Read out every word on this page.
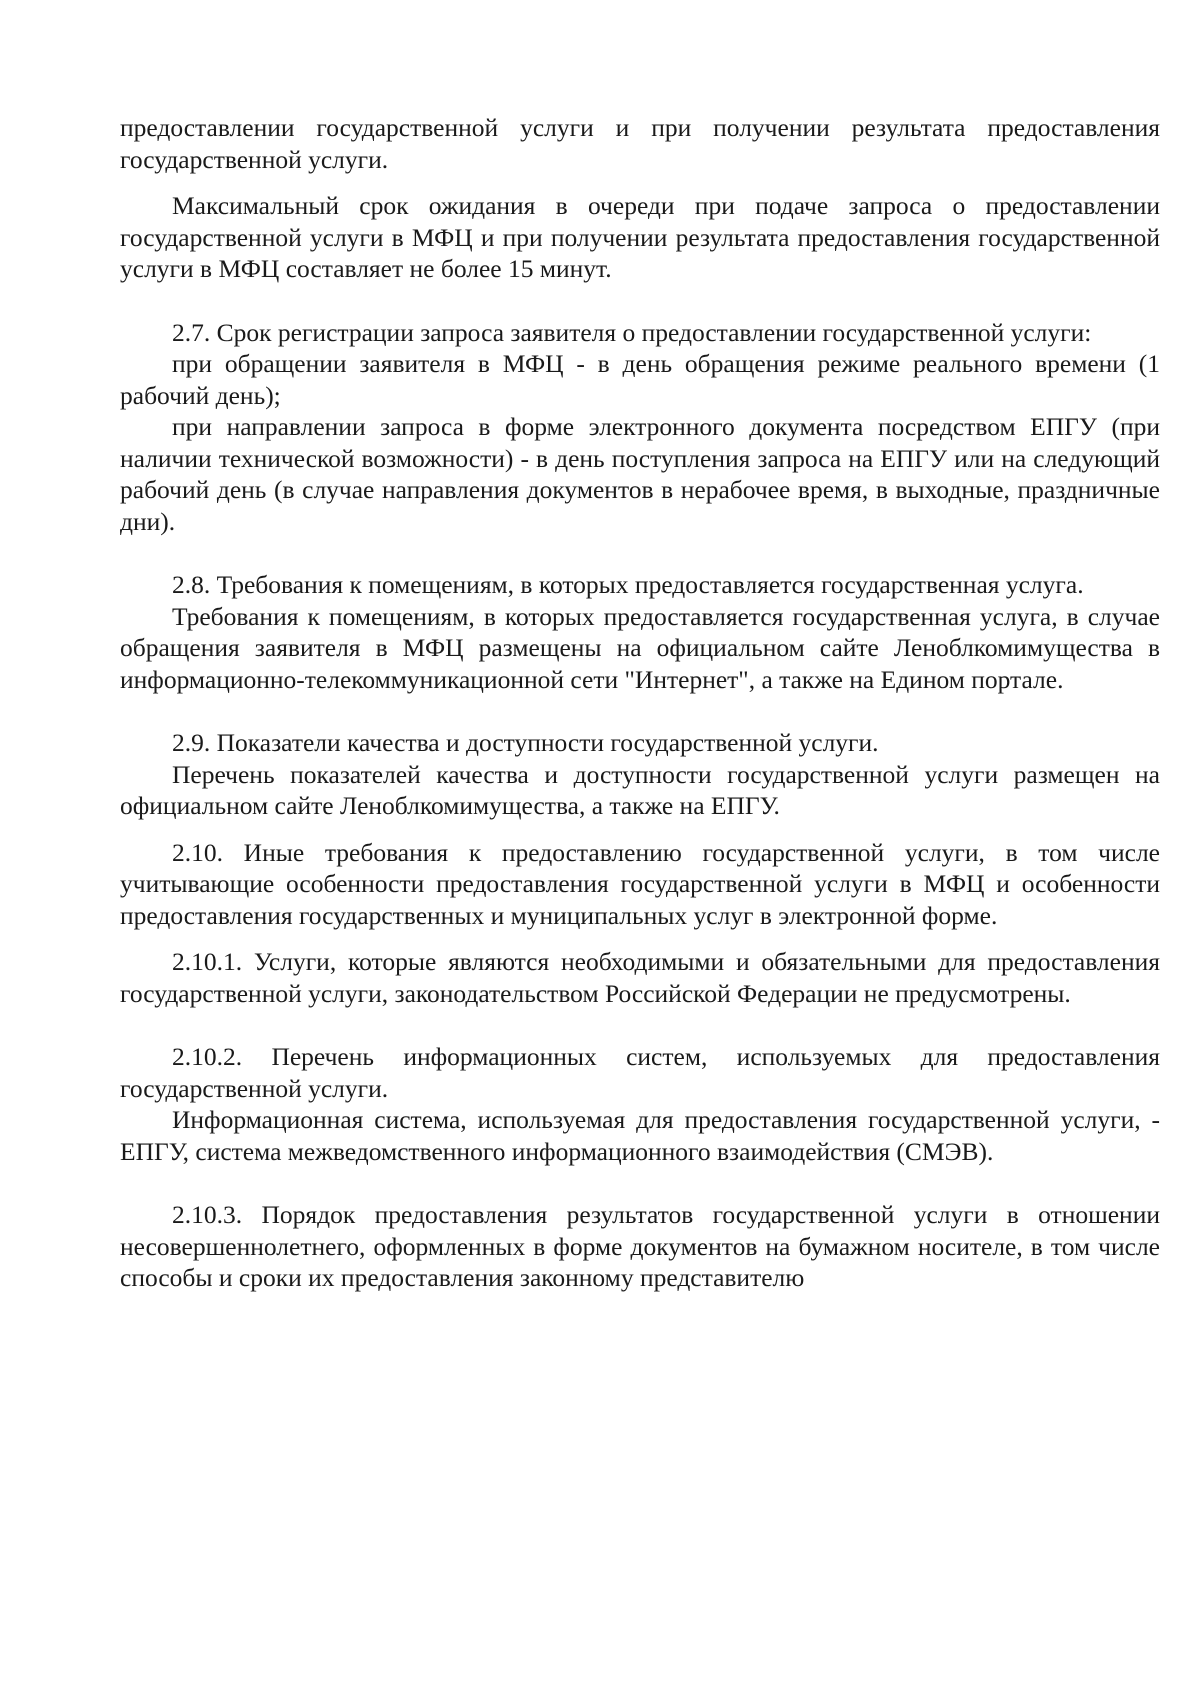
предоставлении государственной услуги и при получении результата предоставления государственной услуги.

Максимальный срок ожидания в очереди при подаче запроса о предоставлении государственной услуги в МФЦ и при получении результата предоставления государственной услуги в МФЦ составляет не более 15 минут.

2.7. Срок регистрации запроса заявителя о предоставлении государственной услуги:

при обращении заявителя в МФЦ - в день обращения режиме реального времени (1 рабочий день);

при направлении запроса в форме электронного документа посредством ЕПГУ (при наличии технической возможности) - в день поступления запроса на ЕПГУ или на следующий рабочий день (в случае направления документов в нерабочее время, в выходные, праздничные дни).

2.8. Требования к помещениям, в которых предоставляется государственная услуга.

Требования к помещениям, в которых предоставляется государственная услуга, в случае обращения заявителя в МФЦ размещены на официальном сайте Леноблкомимущества в информационно-телекоммуникационной сети "Интернет", а также на Едином портале.

2.9. Показатели качества и доступности государственной услуги.

Перечень показателей качества и доступности государственной услуги размещен на официальном сайте Леноблкомимущества, а также на ЕПГУ.

2.10. Иные требования к предоставлению государственной услуги, в том числе учитывающие особенности предоставления государственной услуги в МФЦ и особенности предоставления государственных и муниципальных услуг в электронной форме.

2.10.1. Услуги, которые являются необходимыми и обязательными для предоставления государственной услуги, законодательством Российской Федерации не предусмотрены.

2.10.2. Перечень информационных систем, используемых для предоставления государственной услуги.

Информационная система, используемая для предоставления государственной услуги, - ЕПГУ, система межведомственного информационного взаимодействия (СМЭВ).

2.10.3. Порядок предоставления результатов государственной услуги в отношении несовершеннолетнего, оформленных в форме документов на бумажном носителе, в том числе способы и сроки их предоставления законному представителю
